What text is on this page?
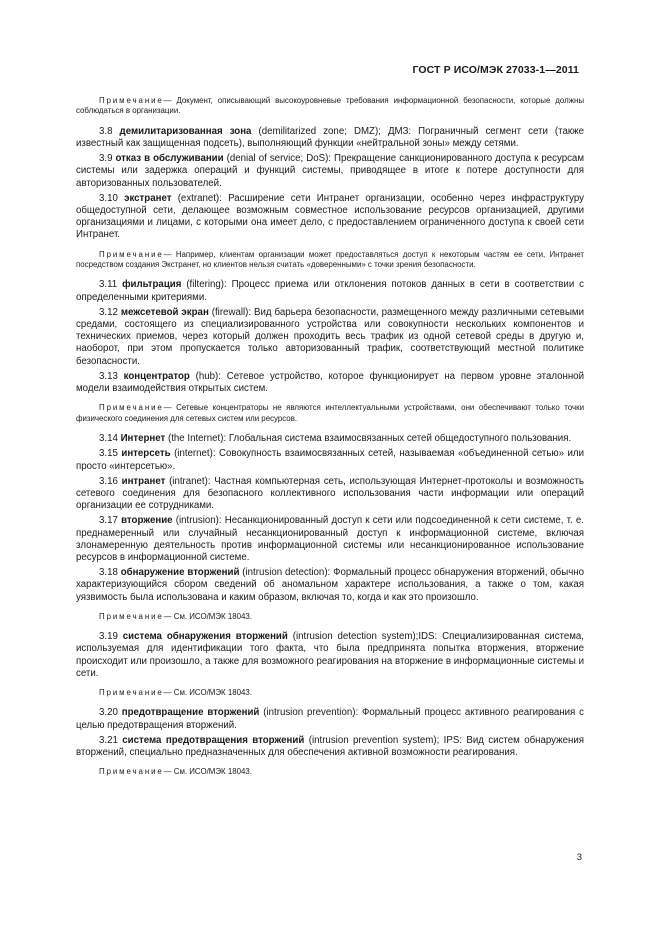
ГОСТ Р ИСО/МЭК 27033-1—2011

Примечание— Документ, описывающий высокоуровневые требования информационной безопасности, которые должны соблюдаться в организации.

3.8 демилитаризованная зона (demilitarized zone; DMZ); ДМЗ: Пограничный сегмент сети (также известный как защищенная подсеть), выполняющий функции «нейтральной зоны» между сетями.

3.9 отказ в обслуживании (denial of service; DoS): Прекращение санкционированного доступа к ресурсам системы или задержка операций и функций системы, приводящее в итоге к потере доступности для авторизованных пользователей.

3.10 экстранет (extranet): Расширение сети Интранет организации, особенно через инфраструктуру общедоступной сети, делающее возможным совместное использование ресурсов организацией, другими организациями и лицами, с которыми она имеет дело, с предоставлением ограниченного доступа к своей сети Интранет.

Примечание— Например, клиентам организации может предоставляться доступ к некоторым частям ее сети, Интранет посредством создания Экстранет, но клиентов нельзя считать «доверенными» с точки зрения безопасности.

3.11 фильтрация (filtering): Процесс приема или отклонения потоков данных в сети в соответствии с определенными критериями.

3.12 межсетевой экран (firewall): Вид барьера безопасности, размещенного между различными сетевыми средами, состоящего из специализированного устройства или совокупности нескольких компонентов и технических приемов, через который должен проходить весь трафик из одной сетевой среды в другую и, наоборот, при этом пропускается только авторизованный трафик, соответствующий местной политике безопасности.

3.13 концентратор (hub): Сетевое устройство, которое функционирует на первом уровне эталонной модели взаимодействия открытых систем.

Примечание— Сетевые концентраторы не являются интеллектуальными устройствами, они обеспечивают только точки физического соединения для сетевых систем или ресурсов.

3.14 Интернет (the Internet): Глобальная система взаимосвязанных сетей общедоступного пользования.

3.15 интерсеть (internet): Совокупность взаимосвязанных сетей, называемая «объединенной сетью» или просто «интерсетью».

3.16 интранет (intranet): Частная компьютерная сеть, использующая Интернет-протоколы и возможность сетевого соединения для безопасного коллективного использования части информации или операций организации ее сотрудниками.

3.17 вторжение (intrusion): Несанкционированный доступ к сети или подсоединенной к сети системе, т. е. преднамеренный или случайный несанкционированный доступ к информационной системе, включая злонамеренную деятельность против информационной системы или несанкционированное использование ресурсов в информационной системе.

3.18 обнаружение вторжений (intrusion detection): Формальный процесс обнаружения вторжений, обычно характеризующийся сбором сведений об аномальном характере использования, а также о том, какая уязвимость была использована и каким образом, включая то, когда и как это произошло.

Примечание— См. ИСО/МЭК 18043.

3.19 система обнаружения вторжений (intrusion detection system);IDS: Специализированная система, используемая для идентификации того факта, что была предпринята попытка вторжения, вторжение происходит или произошло, а также для возможного реагирования на вторжение в информационные системы и сети.

Примечание— См. ИСО/МЭК 18043.

3.20 предотвращение вторжений (intrusion prevention): Формальный процесс активного реагирования с целью предотвращения вторжений.

3.21 система предотвращения вторжений (intrusion prevention system); IPS: Вид систем обнаружения вторжений, специально предназначенных для обеспечения активной возможности реагирования.

Примечание— См. ИСО/МЭК 18043.

3
